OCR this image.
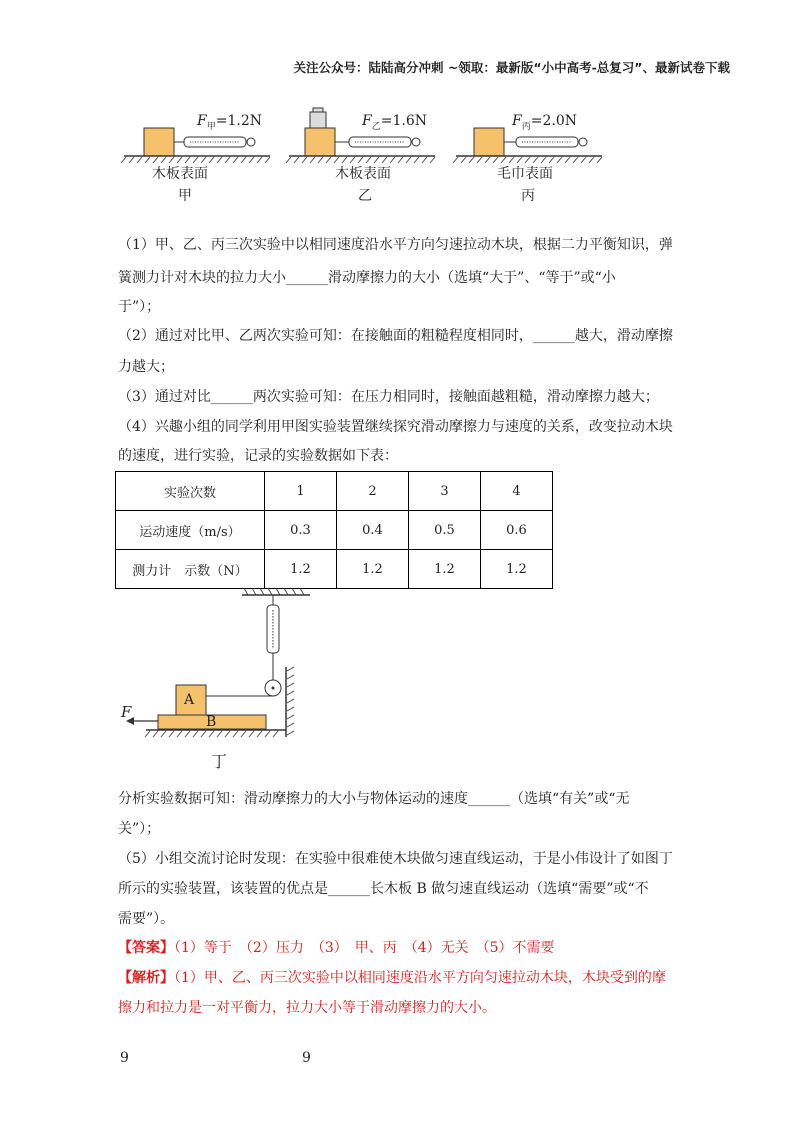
关注公众号：陆陆高分冲刺 ~领取：最新版“小中高考-总复习”、最新试卷下载
$F_甲=1.2N$
木板表面
甲
$F_乙=1.6N$
木板表面
乙
$F_丙=2.0N$
毛巾表面
丙
（1）甲、乙、丙三次实验中以相同速度沿水平方向匀速拉动木块，根据二力平衡知识，弹
簧测力计对木块的拉力大小______滑动摩擦力的大小（选填“大于”、“等于”或“小
于”）；
（2）通过对比甲、乙两次实验可知：在接触面的粗糙程度相同时，______越大，滑动摩擦
力越大；
（3）通过对比______两次实验可知：在压力相同时，接触面越粗糙，滑动摩擦力越大；
（4）兴趣小组的同学利用甲图实验装置继续探究滑动摩擦力与速度的关系，改变拉动木块
的速度，进行实验，记录的实验数据如下表：
实验次数	1	2	3	4
运动速度（m/s）	0.3	0.4	0.5	0.6
测力计　示数（N）	1.2	1.2	1.2	1.2
F
A
B
丁
分析实验数据可知：滑动摩擦力的大小与物体运动的速度______（选填“有关”或“无
关”）；
（5）小组交流讨论时发现：在实验中很难使木块做匀速直线运动，于是小伟设计了如图丁
所示的实验装置，该装置的优点是______长木板 B 做匀速直线运动（选填“需要”或“不
需要”）。
【答案】（1）等于　（2）压力　（3）　甲、丙　（4）无关　（5）不需要
【解析】（1）甲、乙、丙三次实验中以相同速度沿水平方向匀速拉动木块，木块受到的摩
擦力和拉力是一对平衡力，拉力大小等于滑动摩擦力的大小。
9	9
